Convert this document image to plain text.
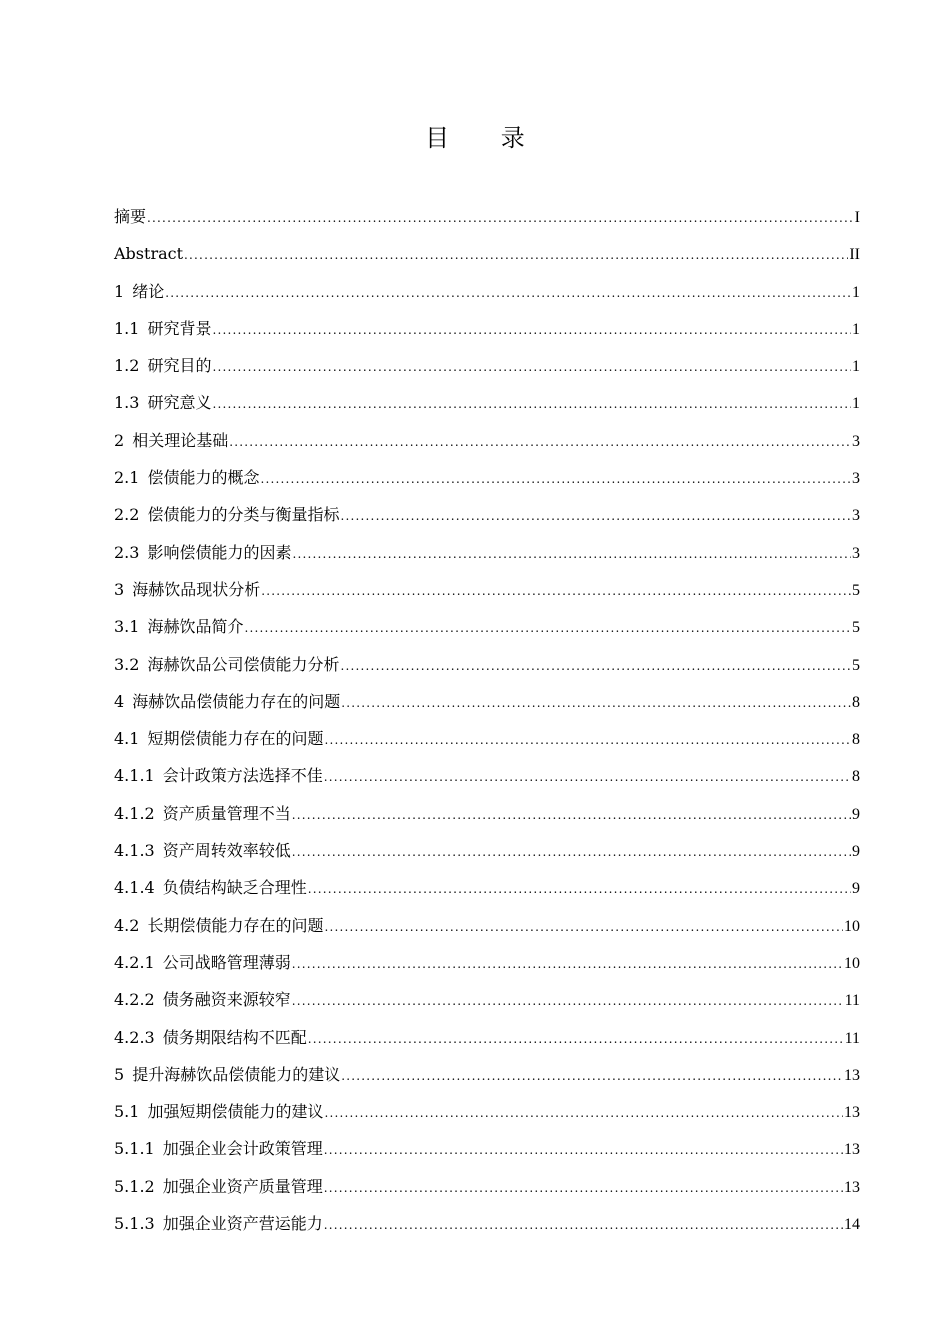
目 录
摘要 .....	I
Abstract .....	II
1 绪论 .....	1
1.1 研究背景 .....	1
1.2 研究目的 .....	1
1.3 研究意义 .....	1
2 相关理论基础 .....	3
2.1 偿债能力的概念 .....	3
2.2 偿债能力的分类与衡量指标 .....	3
2.3 影响偿债能力的因素 .....	3
3 海赫饮品现状分析 .....	5
3.1 海赫饮品简介 .....	5
3.2 海赫饮品公司偿债能力分析 .....	5
4 海赫饮品偿债能力存在的问题 .....	8
4.1 短期偿债能力存在的问题 .....	8
4.1.1 会计政策方法选择不佳 .....	8
4.1.2 资产质量管理不当 .....	9
4.1.3 资产周转效率较低 .....	9
4.1.4 负债结构缺乏合理性 .....	9
4.2 长期偿债能力存在的问题 .....	10
4.2.1 公司战略管理薄弱 .....	10
4.2.2 债务融资来源较窄 .....	11
4.2.3 债务期限结构不匹配 .....	11
5 提升海赫饮品偿债能力的建议 .....	13
5.1 加强短期偿债能力的建议 .....	13
5.1.1 加强企业会计政策管理 .....	13
5.1.2 加强企业资产质量管理 .....	13
5.1.3 加强企业资产营运能力 .....	14
